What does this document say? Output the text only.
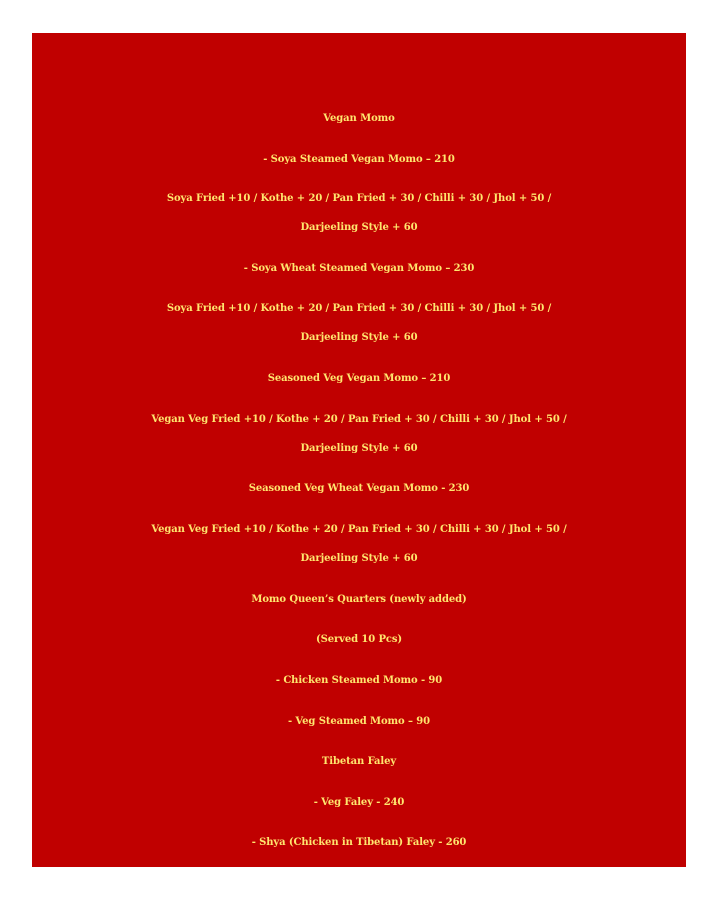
Vegan Momo
- Soya Steamed Vegan Momo – 210
Soya Fried +10 / Kothe + 20 / Pan Fried + 30 / Chilli + 30 / Jhol + 50 /
Darjeeling Style + 60
- Soya Wheat Steamed Vegan Momo – 230
Soya Fried +10 / Kothe + 20 / Pan Fried + 30 / Chilli + 30 / Jhol + 50 /
Darjeeling Style + 60
Seasoned Veg Vegan Momo – 210
Vegan Veg Fried +10 / Kothe + 20 / Pan Fried + 30 / Chilli + 30 / Jhol + 50 /
Darjeeling Style + 60
Seasoned Veg Wheat Vegan Momo - 230
Vegan Veg Fried +10 / Kothe + 20 / Pan Fried + 30 / Chilli + 30 / Jhol + 50 /
Darjeeling Style + 60
Momo Queen’s Quarters (newly added)
(Served 10 Pcs)
- Chicken Steamed Momo - 90
- Veg Steamed Momo – 90
Tibetan Faley
- Veg Faley - 240
- Shya (Chicken in Tibetan) Faley - 260
